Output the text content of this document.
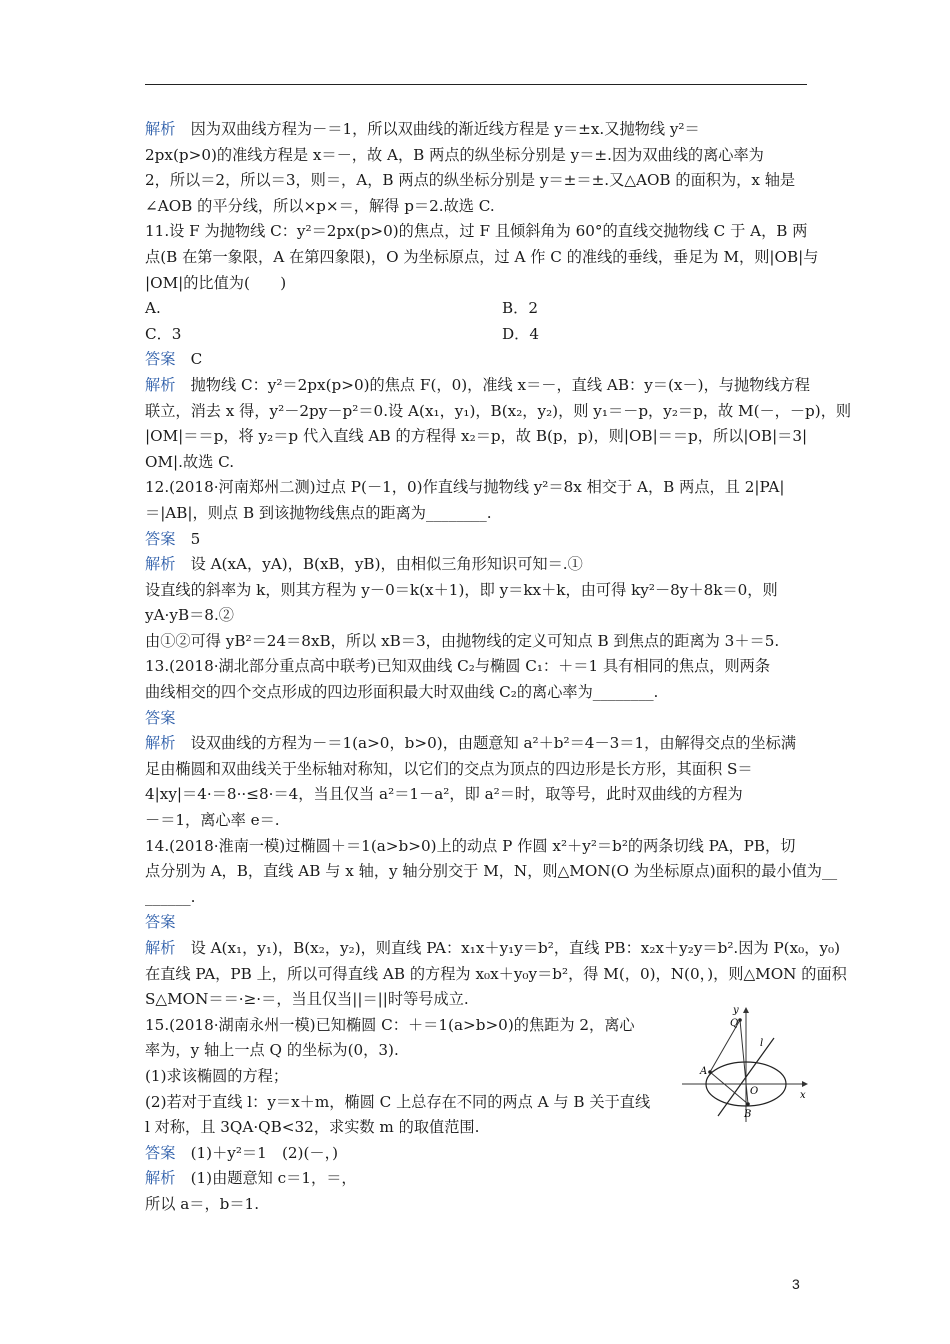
解析　因为双曲线方程为－＝1，所以双曲线的渐近线方程是 y＝±x.又抛物线 y²＝
2px(p>0)的准线方程是 x＝－，故 A，B 两点的纵坐标分别是 y＝±.因为双曲线的离心率为
2，所以＝2，所以＝3，则＝，A，B 两点的纵坐标分别是 y＝±＝±.又△AOB 的面积为，x 轴是
∠AOB 的平分线，所以×p×＝，解得 p＝2.故选 C.
11.设 F 为抛物线 C：y²＝2px(p>0)的焦点，过 F 且倾斜角为 60°的直线交抛物线 C 于 A，B 两
点(B 在第一象限，A 在第四象限)，O 为坐标原点，过 A 作 C 的准线的垂线，垂足为 M，则|OB|与
|OM|的比值为(　　)
A.	B．2
C．3	D．4
答案　C
解析　抛物线 C：y²＝2px(p>0)的焦点 F(，0)，准线 x＝－，直线 AB：y＝(x－)，与抛物线方程
联立，消去 x 得，y²－2py－p²＝0.设 A(x₁，y₁)，B(x₂，y₂)，则 y₁＝－p，y₂＝p，故 M(－，－p)，则
|OM|＝＝p，将 y₂＝p 代入直线 AB 的方程得 x₂＝p，故 B(p，p)，则|OB|＝＝p，所以|OB|＝3|
OM|.故选 C.
12.(2018·河南郑州二测)过点 P(－1，0)作直线与抛物线 y²＝8x 相交于 A，B 两点，且 2|PA|
＝|AB|，则点 B 到该抛物线焦点的距离为________.
答案　5
解析　设 A(xA，yA)，B(xB，yB)，由相似三角形知识可知＝.①
设直线的斜率为 k，则其方程为 y－0＝k(x＋1)，即 y＝kx＋k，由可得 ky²－8y＋8k＝0，则
yA·yB＝8.②
由①②可得 yB²＝24＝8xB，所以 xB＝3，由抛物线的定义可知点 B 到焦点的距离为 3＋＝5.
13.(2018·湖北部分重点高中联考)已知双曲线 C₂与椭圆 C₁：＋＝1 具有相同的焦点，则两条
曲线相交的四个交点形成的四边形面积最大时双曲线 C₂的离心率为________.
答案
解析　设双曲线的方程为－＝1(a>0，b>0)，由题意知 a²＋b²＝4－3＝1，由解得交点的坐标满
足由椭圆和双曲线关于坐标轴对称知，以它们的交点为顶点的四边形是长方形，其面积 S＝
4|xy|＝4·＝8··≤8·＝4，当且仅当 a²＝1－a²，即 a²＝时，取等号，此时双曲线的方程为
－＝1，离心率 e＝.
14.(2018·淮南一模)过椭圆＋＝1(a>b>0)上的动点 P 作圆 x²＋y²＝b²的两条切线 PA，PB，切
点分别为 A，B，直线 AB 与 x 轴，y 轴分别交于 M，N，则△MON(O 为坐标原点)面积的最小值为__
______.
答案
解析　设 A(x₁，y₁)，B(x₂，y₂)，则直线 PA：x₁x＋y₁y＝b²，直线 PB：x₂x＋y₂y＝b².因为 P(x₀，y₀)
在直线 PA，PB 上，所以可得直线 AB 的方程为 x₀x＋y₀y＝b²，得 M(，0)，N(0，)，则△MON 的面积
S△MON＝＝·≥·＝，当且仅当||＝||时等号成立.
15.(2018·湖南永州一模)已知椭圆 C：＋＝1(a>b>0)的焦距为 2，离心
率为，y 轴上一点 Q 的坐标为(0，3).
(1)求该椭圆的方程；
(2)若对于直线 l：y＝x＋m，椭圆 C 上总存在不同的两点 A 与 B 关于直线
l 对称，且 3QA·QB<32，求实数 m 的取值范围.
答案　(1)＋y²＝1　(2)(－，)
解析　(1)由题意知 c＝1，＝，
所以 a＝，b＝1.
y
x
Q
A
O
B
l
3
